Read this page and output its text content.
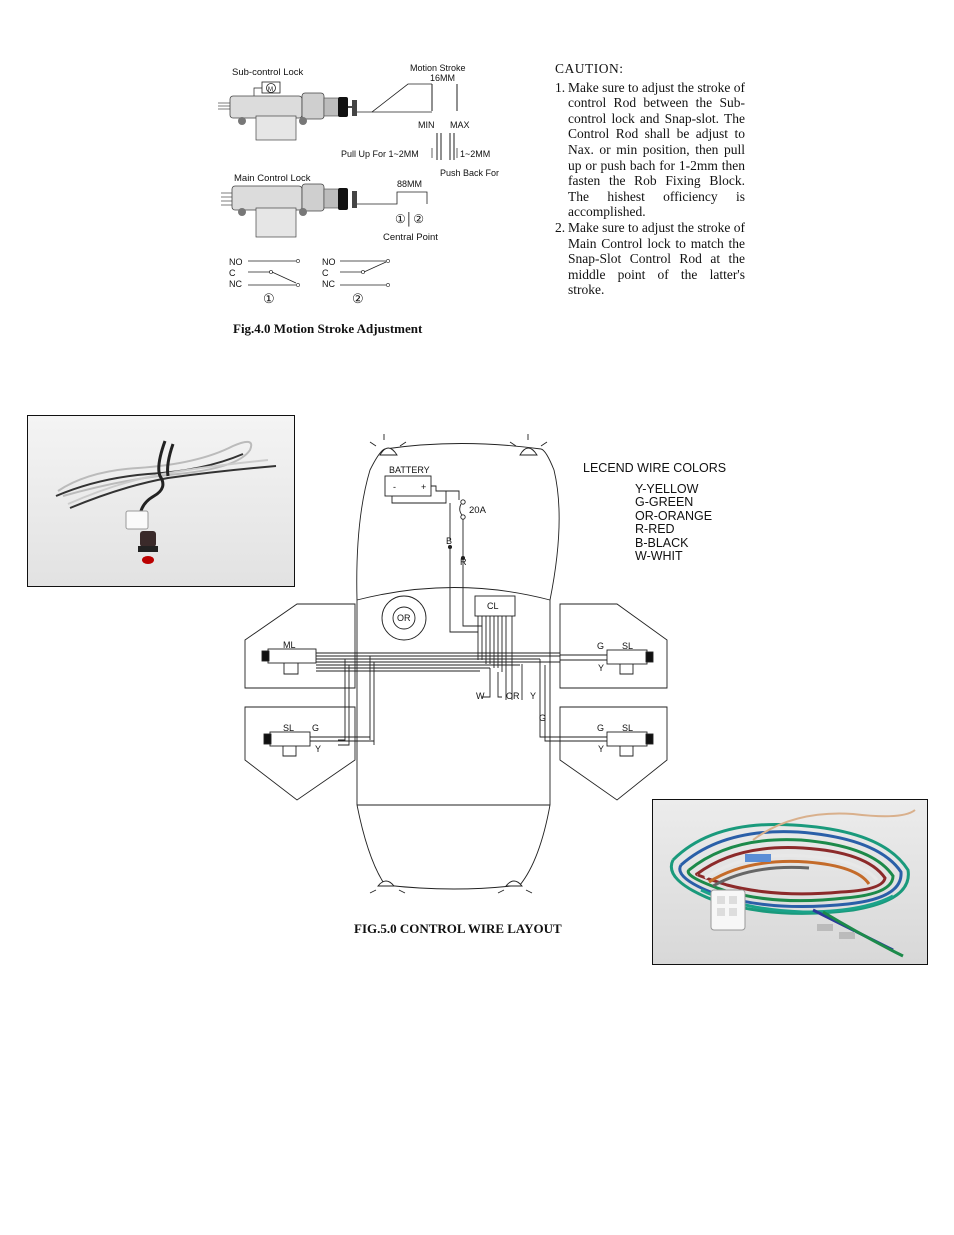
Sub-control Lock
M
Motion Stroke
16MM
MIN MAX
Pull Up For 1~2MM	1~2MM
Push Back For
Main Control Lock	88MM
①│②
Central Point
NO
C
NC
①
NO
C
NC
②
BATTERY
-	+
20A
B
R
CL
OR
ML
SL G
Y
G SL
Y
G SL
Y
W OR Y
G
LECEND WIRE COLORS
Y-YELLOW
G-GREEN
OR-ORANGE
R-RED
B-BLACK
W-WHIT
Fig.4.0 Motion Stroke Adjustment
CAUTION:
1. Make sure to adjust the stroke of control Rod between the Sub-control lock and Snap-slot. The Control Rod shall be adjust to Nax. or min position, then pull up or push bach for 1-2mm then fasten the Rob Fixing Block. The hishest officiency is accomplished.
2. Make sure to adjust the stroke of Main Control lock to match the Snap-Slot Control Rod at the middle point of the latter's stroke.
FIG.5.0 CONTROL WIRE LAYOUT
